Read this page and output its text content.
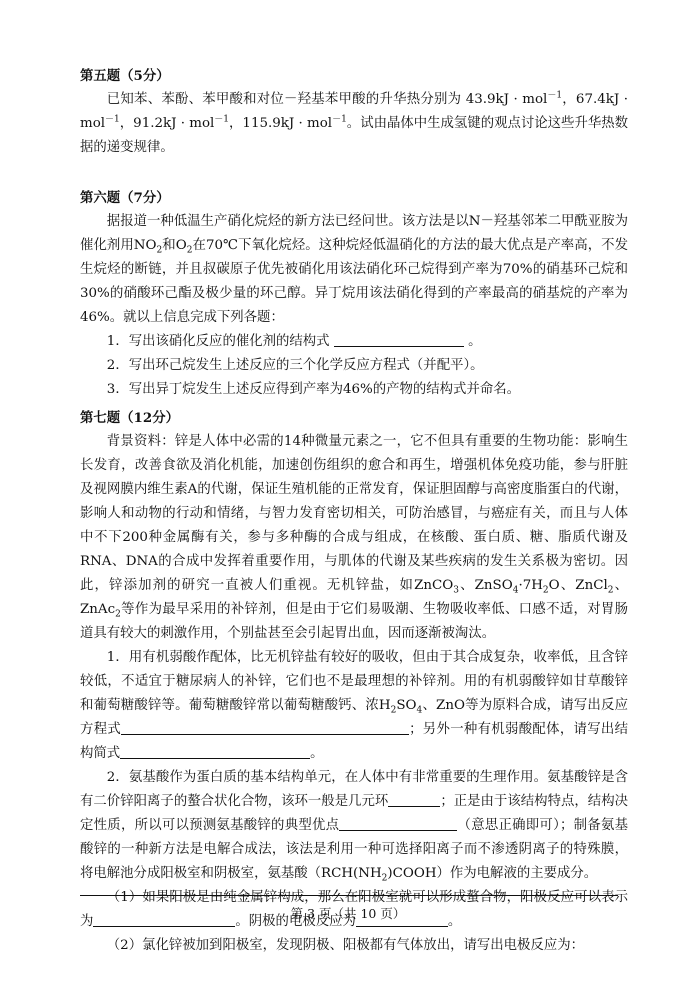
第五题（5分）

已知苯、苯酚、苯甲酸和对位－羟基苯甲酸的升华热分别为 43.9kJ · mol$^{-1}$，67.4kJ · mol$^{-1}$，91.2kJ · mol$^{-1}$，115.9kJ · mol$^{-1}$。试由晶体中生成氢键的观点讨论这些升华热数据的递变规律。

第六题（7分）

据报道一种低温生产硝化烷烃的新方法已经问世。该方法是以N－羟基邻苯二甲酰亚胺为催化剂用$NO_2$和$O_2$在70℃下氧化烷烃。这种烷烃低温硝化的方法的最大优点是产率高，不发生烷烃的断链，并且叔碳原子优先被硝化用该法硝化环己烷得到产率为70%的硝基环己烷和30%的硝酸环己酯及极少量的环己醇。异丁烷用该法硝化得到的产率最高的硝基烷的产率为46%。就以上信息完成下列各题：

1．写出该硝化反应的催化剂的结构式	。

2．写出环己烷发生上述反应的三个化学反应方程式（并配平）。

3．写出异丁烷发生上述反应得到产率为46%的产物的结构式并命名。

第七题（12分）

背景资料：锌是人体中必需的14种微量元素之一，它不但具有重要的生物功能：影响生长发育，改善食欲及消化机能，加速创伤组织的愈合和再生，增强机体免疫功能，参与肝脏及视网膜内维生素A的代谢，保证生殖机能的正常发育，保证胆固醇与高密度脂蛋白的代谢，影响人和动物的行动和情绪，与智力发育密切相关，可防治感冒，与癌症有关，而且与人体中不下200种金属酶有关，参与多种酶的合成与组成，在核酸、蛋白质、糖、脂质代谢及RNA、DNA的合成中发挥着重要作用，与肌体的代谢及某些疾病的发生关系极为密切。因此，锌添加剂的研究一直被人们重视。无机锌盐，如ZnCO$_3$、$ZnSO_4\cdot 7H_2O$、ZnCl$_2$、ZnAc$_2$等作为最早采用的补锌剂，但是由于它们易吸潮、生物吸收率低、口感不适，对胃肠道具有较大的刺激作用，个别盐甚至会引起胃出血，因而逐渐被淘汰。

1．用有机弱酸作配体，比无机锌盐有较好的吸收，但由于其合成复杂，收率低，且含锌较低，不适宜于糖尿病人的补锌，它们也不是最理想的补锌剂。用的有机弱酸锌如甘草酸锌和葡萄糖酸锌等。葡萄糖酸锌常以葡萄糖酸钙、浓$H_2SO_4$、ZnO等为原料合成，请写出反应方程式	；另外一种有机弱酸配体，请写出结构简式	。

2．氨基酸作为蛋白质的基本结构单元，在人体中有非常重要的生理作用。氨基酸锌是含有二价锌阳离子的螯合状化合物，该环一般是几元环	；正是由于该结构特点，结构决定性质，所以可以预测氨基酸锌的典型优点	（意思正确即可）；制备氨基酸锌的一种新方法是电解合成法，该法是利用一种可选择阳离子而不渗透阴离子的特殊膜，将电解池分成阳极室和阴极室，氨基酸$(RCH(NH_2)COOH)$作为电解液的主要成分。

（1）如果阳极是由纯金属锌构成，那么在阳极室就可以形成螯合物，阳极反应可以表示为	。阴极的电极反应为	。

（2）氯化锌被加到阳极室，发现阴极、阳极都有气体放出，请写出电极反应为：

第 3 页（共 10 页）
